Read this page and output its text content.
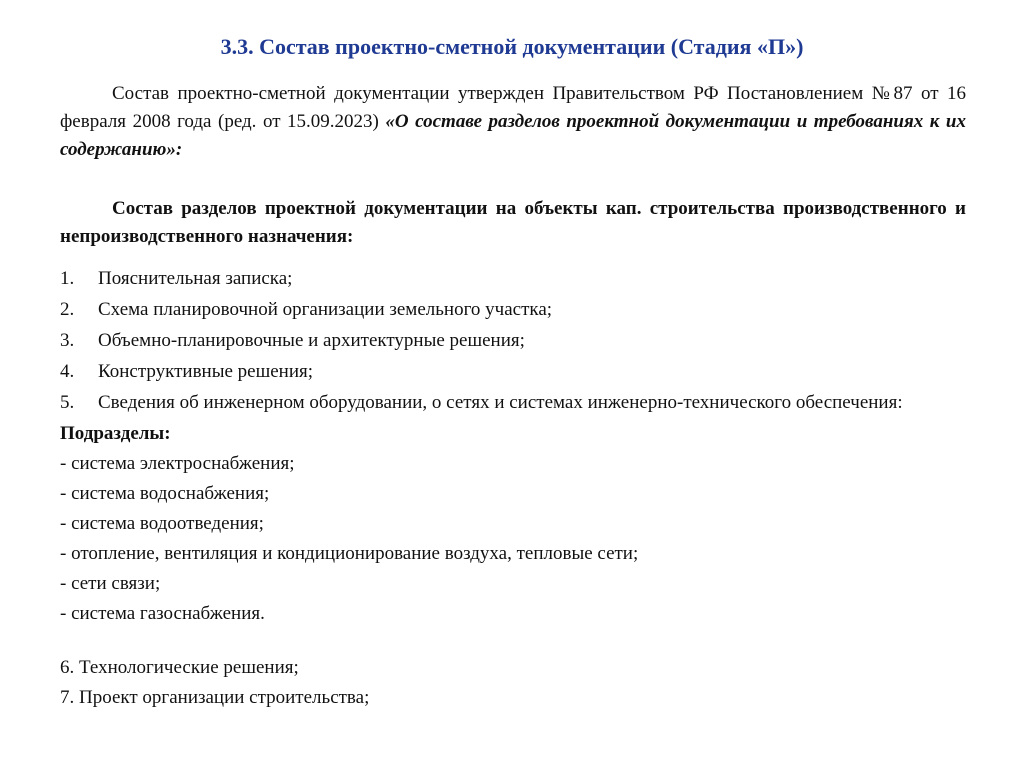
3.3. Состав проектно-сметной документации (Стадия «П»)

Состав проектно-сметной документации утвержден Правительством РФ Постановлением №87 от 16 февраля 2008 года (ред. от 15.09.2023) «О составе разделов проектной документации и требованиях к их содержанию»:

Состав разделов проектной документации на объекты кап. строительства производственного и непроизводственного назначения:

1.	Пояснительная записка;
2.	Схема планировочной организации земельного участка;
3.	Объемно-планировочные и архитектурные решения;
4.	Конструктивные решения;
5.	Сведения об инженерном оборудовании, о сетях и системах инженерно-технического обеспечения:

Подразделы:

- система электроснабжения;
- система водоснабжения;
- система водоотведения;
- отопление, вентиляция и кондиционирование воздуха, тепловые сети;
- сети связи;
- система газоснабжения.
6. Технологические решения;
7. Проект организации строительства;
